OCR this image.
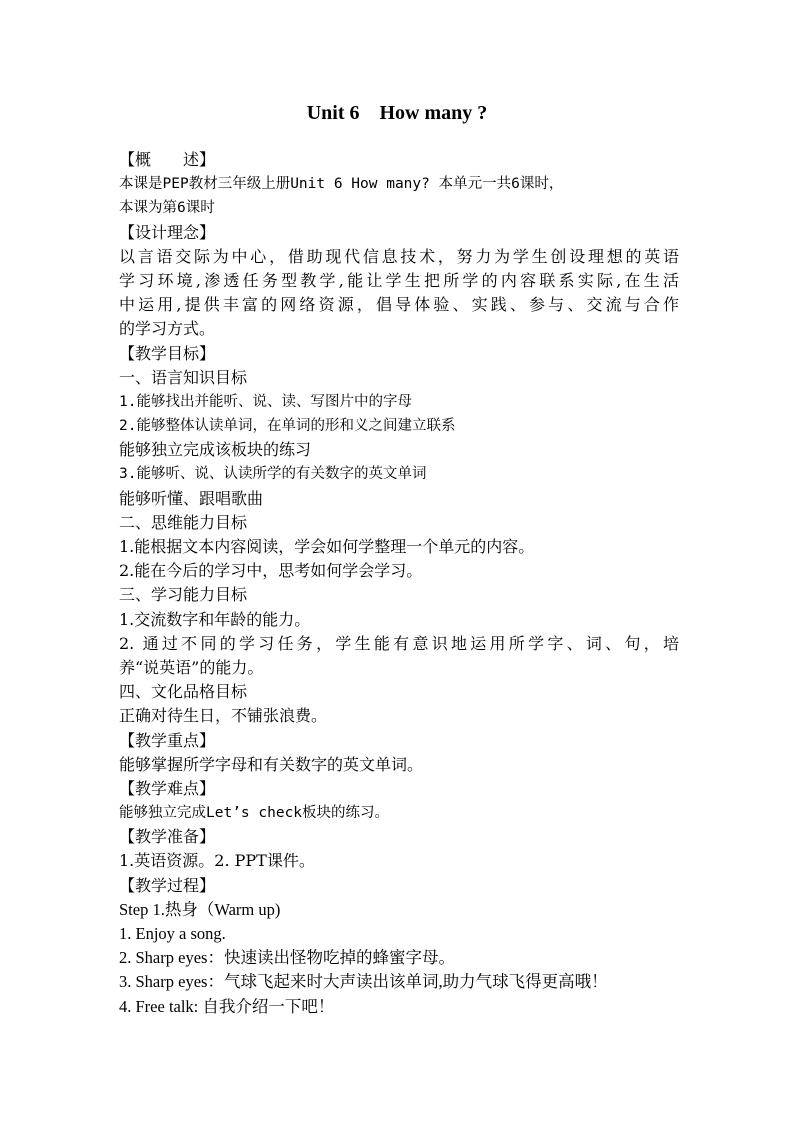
Unit 6    How many ?
【概　　述】
本课是PEP教材三年级上册Unit 6 How many? 本单元一共6课时，
本课为第6课时
【设计理念】
以言语交际为中心，借助现代信息技术，努力为学生创设理想的英语
学习环境,渗透任务型教学,能让学生把所学的内容联系实际,在生活
中运用,提供丰富的网络资源，倡导体验、实践、参与、交流与合作
的学习方式。
【教学目标】
一、语言知识目标
1.能够找出并能听、说、读、写图片中的字母
2.能够整体认读单词，在单词的形和义之间建立联系
能够独立完成该板块的练习
3.能够听、说、认读所学的有关数字的英文单词
能够听懂、跟唱歌曲
二、思维能力目标
1.能根据文本内容阅读，学会如何学整理一个单元的内容。
2.能在今后的学习中，思考如何学会学习。
三、学习能力目标
1.交流数字和年龄的能力。
2. 通过不同的学习任务，学生能有意识地运用所学字、词、句，培
养“说英语”的能力。
四、文化品格目标
正确对待生日，不铺张浪费。
【教学重点】
能够掌握所学字母和有关数字的英文单词。
【教学难点】
能够独立完成Let’s check板块的练习。
【教学准备】
1.英语资源。2. PPT课件。
【教学过程】
Step 1.热身（Warm up)
1. Enjoy a song.
2. Sharp eyes：快速读出怪物吃掉的蜂蜜字母。
3. Sharp eyes：气球飞起来时大声读出该单词,助力气球飞得更高哦！
4. Free talk: 自我介绍一下吧！
